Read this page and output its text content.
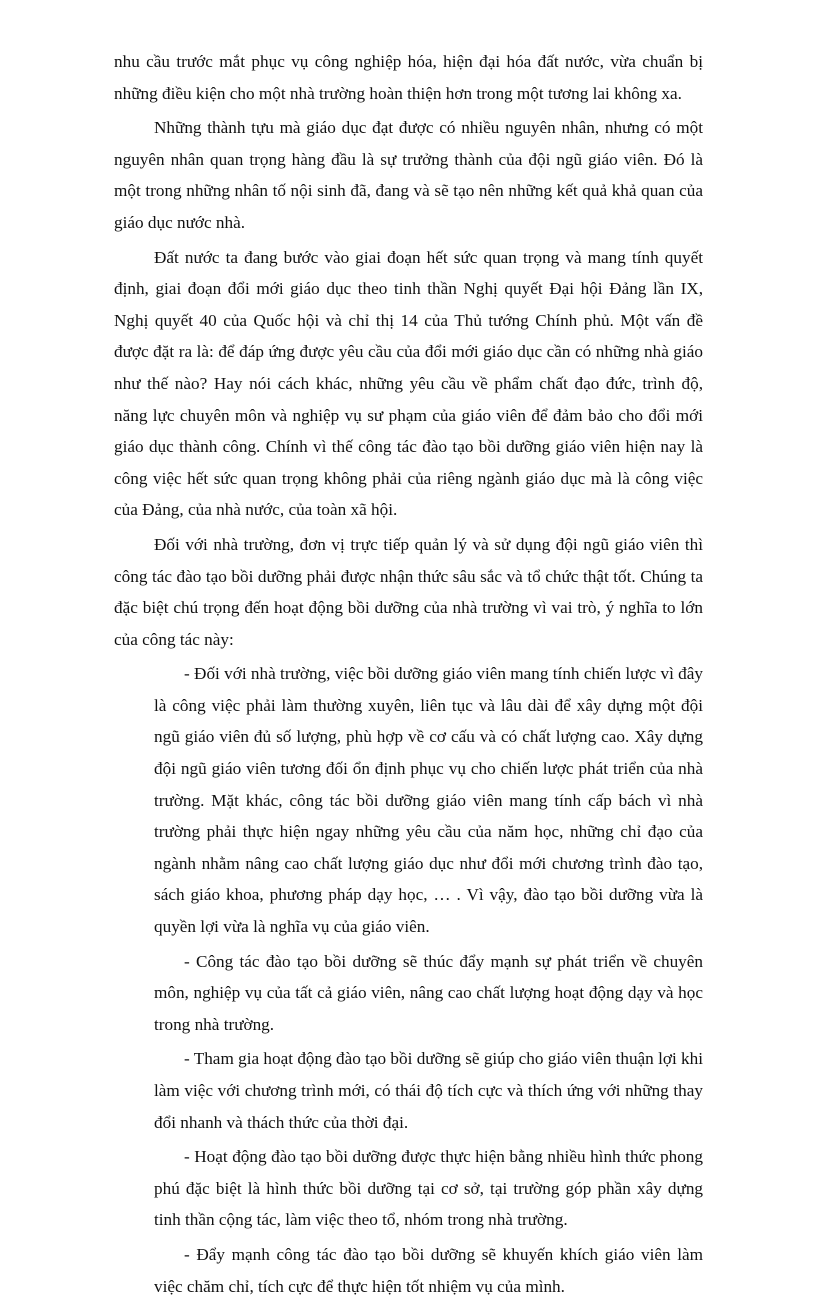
nhu cầu trước mắt phục vụ công nghiệp hóa, hiện đại hóa đất nước, vừa chuẩn bị những điều kiện cho một nhà trường hoàn thiện hơn trong một tương lai không xa.

Những thành tựu mà giáo dục đạt được có nhiều nguyên nhân, nhưng có một nguyên nhân quan trọng hàng đầu là sự trưởng thành của đội ngũ giáo viên. Đó là một trong những nhân tố nội sinh đã, đang và sẽ tạo nên những kết quả khả quan của giáo dục nước nhà.

Đất nước ta đang bước vào giai đoạn hết sức quan trọng và mang tính quyết định, giai đoạn đổi mới giáo dục theo tinh thần Nghị quyết Đại hội Đảng lần IX, Nghị quyết 40 của Quốc hội và chỉ thị 14 của Thủ tướng Chính phủ. Một vấn đề được đặt ra là: để đáp ứng được yêu cầu của đổi mới giáo dục cần có những nhà giáo như thế nào? Hay nói cách khác, những yêu cầu về phẩm chất đạo đức, trình độ, năng lực chuyên môn và nghiệp vụ sư phạm của giáo viên để đảm bảo cho đổi mới giáo dục thành công. Chính vì thế công tác đào tạo bồi dưỡng giáo viên hiện nay là công việc hết sức quan trọng không phải của riêng ngành giáo dục mà là công việc của Đảng, của nhà nước, của toàn xã hội.

Đối với nhà trường, đơn vị trực tiếp quản lý và sử dụng đội ngũ giáo viên thì công tác đào tạo bồi dưỡng phải được nhận thức sâu sắc và tổ chức thật tốt. Chúng ta đặc biệt chú trọng đến hoạt động bồi dưỡng của nhà trường vì vai trò, ý nghĩa to lớn của công tác này:

- Đối với nhà trường, việc bồi dưỡng giáo viên mang tính chiến lược vì đây là công việc phải làm thường xuyên, liên tục và lâu dài để xây dựng một đội ngũ giáo viên đủ số lượng, phù hợp về cơ cấu và có chất lượng cao. Xây dựng đội ngũ giáo viên tương đối ổn định phục vụ cho chiến lược phát triển của nhà trường. Mặt khác, công tác bồi dưỡng giáo viên mang tính cấp bách vì nhà trường phải thực hiện ngay những yêu cầu của năm học, những chỉ đạo của ngành nhằm nâng cao chất lượng giáo dục như đổi mới chương trình đào tạo, sách giáo khoa, phương pháp dạy học, … . Vì vậy, đào tạo bồi dưỡng vừa là quyền lợi vừa là nghĩa vụ của giáo viên.

- Công tác đào tạo bồi dưỡng sẽ thúc đẩy mạnh sự phát triển về chuyên môn, nghiệp vụ của tất cả giáo viên, nâng cao chất lượng hoạt động dạy và học trong nhà trường.

- Tham gia hoạt động đào tạo bồi dưỡng sẽ giúp cho giáo viên thuận lợi khi làm việc với chương trình mới, có thái độ tích cực và thích ứng với những thay đổi nhanh và thách thức của thời đại.

- Hoạt động đào tạo bồi dưỡng được thực hiện bằng nhiều hình thức phong phú đặc biệt là hình thức bồi dưỡng tại cơ sở, tại trường góp phần xây dựng tinh thần cộng tác, làm việc theo tổ, nhóm trong nhà trường.

- Đẩy mạnh công tác đào tạo bồi dưỡng sẽ khuyến khích giáo viên làm việc chăm chỉ, tích cực để thực hiện tốt nhiệm vụ của mình.
